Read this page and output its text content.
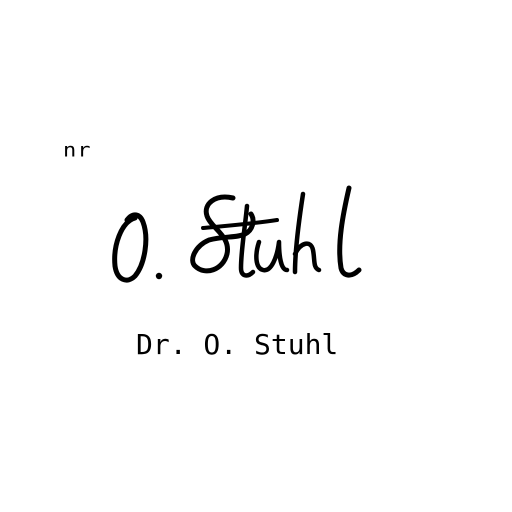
nr
Dr. O. Stuhl
